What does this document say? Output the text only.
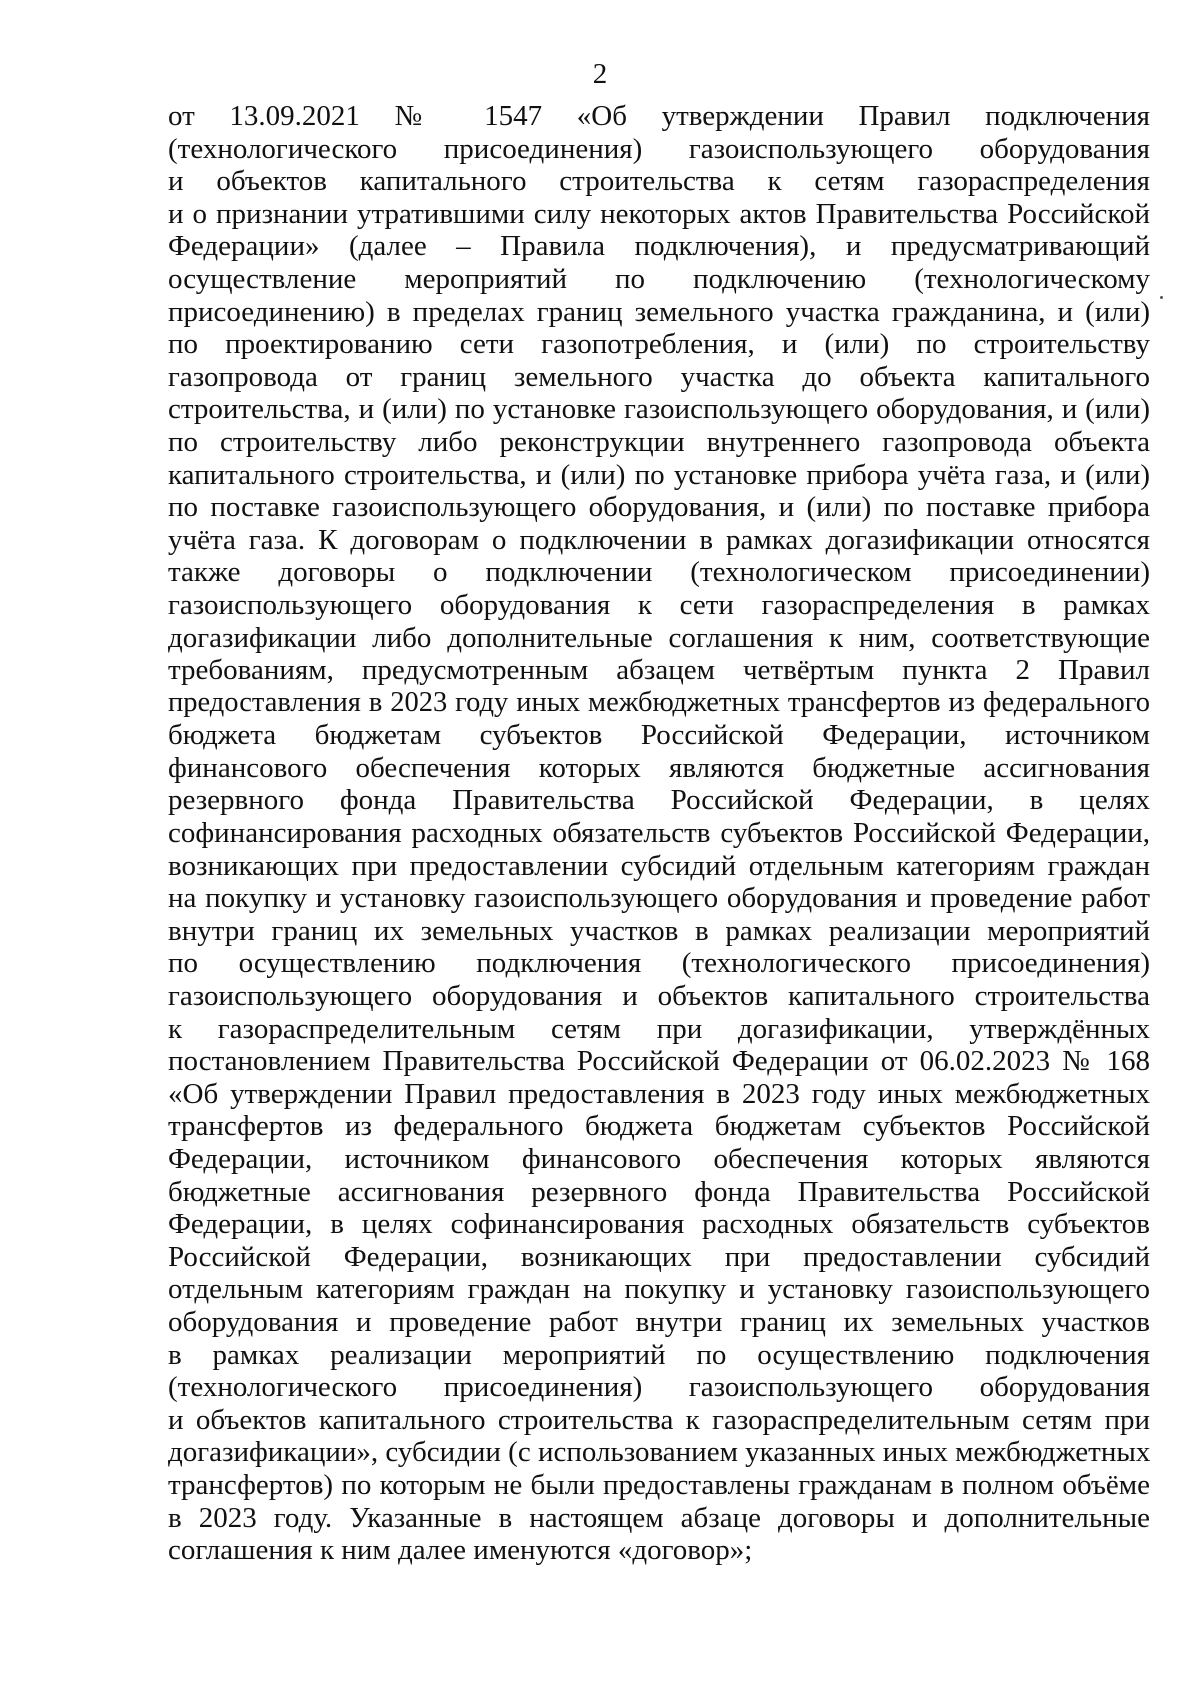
2
от 13.09.2021 № 1547 «Об утверждении Правил подключения
(технологического присоединения) газоиспользующего оборудования
и объектов капитального строительства к сетям газораспределения
и о признании утратившими силу некоторых актов Правительства Российской
Федерации» (далее – Правила подключения), и предусматривающий
осуществление мероприятий по подключению (технологическому
присоединению) в пределах границ земельного участка гражданина, и (или)
по проектированию сети газопотребления, и (или) по строительству
газопровода от границ земельного участка до объекта капитального
строительства, и (или) по установке газоиспользующего оборудования, и (или)
по строительству либо реконструкции внутреннего газопровода объекта
капитального строительства, и (или) по установке прибора учёта газа, и (или)
по поставке газоиспользующего оборудования, и (или) по поставке прибора
учёта газа. К договорам о подключении в рамках догазификации относятся
также договоры о подключении (технологическом присоединении)
газоиспользующего оборудования к сети газораспределения в рамках
догазификации либо дополнительные соглашения к ним, соответствующие
требованиям, предусмотренным абзацем четвёртым пункта 2 Правил
предоставления в 2023 году иных межбюджетных трансфертов из федерального
бюджета бюджетам субъектов Российской Федерации, источником
финансового обеспечения которых являются бюджетные ассигнования
резервного фонда Правительства Российской Федерации, в целях
софинансирования расходных обязательств субъектов Российской Федерации,
возникающих при предоставлении субсидий отдельным категориям граждан
на покупку и установку газоиспользующего оборудования и проведение работ
внутри границ их земельных участков в рамках реализации мероприятий
по осуществлению подключения (технологического присоединения)
газоиспользующего оборудования и объектов капитального строительства
к газораспределительным сетям при догазификации, утверждённых
постановлением Правительства Российской Федерации от 06.02.2023 № 168
«Об утверждении Правил предоставления в 2023 году иных межбюджетных
трансфертов из федерального бюджета бюджетам субъектов Российской
Федерации, источником финансового обеспечения которых являются
бюджетные ассигнования резервного фонда Правительства Российской
Федерации, в целях софинансирования расходных обязательств субъектов
Российской Федерации, возникающих при предоставлении субсидий
отдельным категориям граждан на покупку и установку газоиспользующего
оборудования и проведение работ внутри границ их земельных участков
в рамках реализации мероприятий по осуществлению подключения
(технологического присоединения) газоиспользующего оборудования
и объектов капитального строительства к газораспределительным сетям при
догазификации», субсидии (с использованием указанных иных межбюджетных
трансфертов) по которым не были предоставлены гражданам в полном объёме
в 2023 году. Указанные в настоящем абзаце договоры и дополнительные
соглашения к ним далее именуются «договор»;
